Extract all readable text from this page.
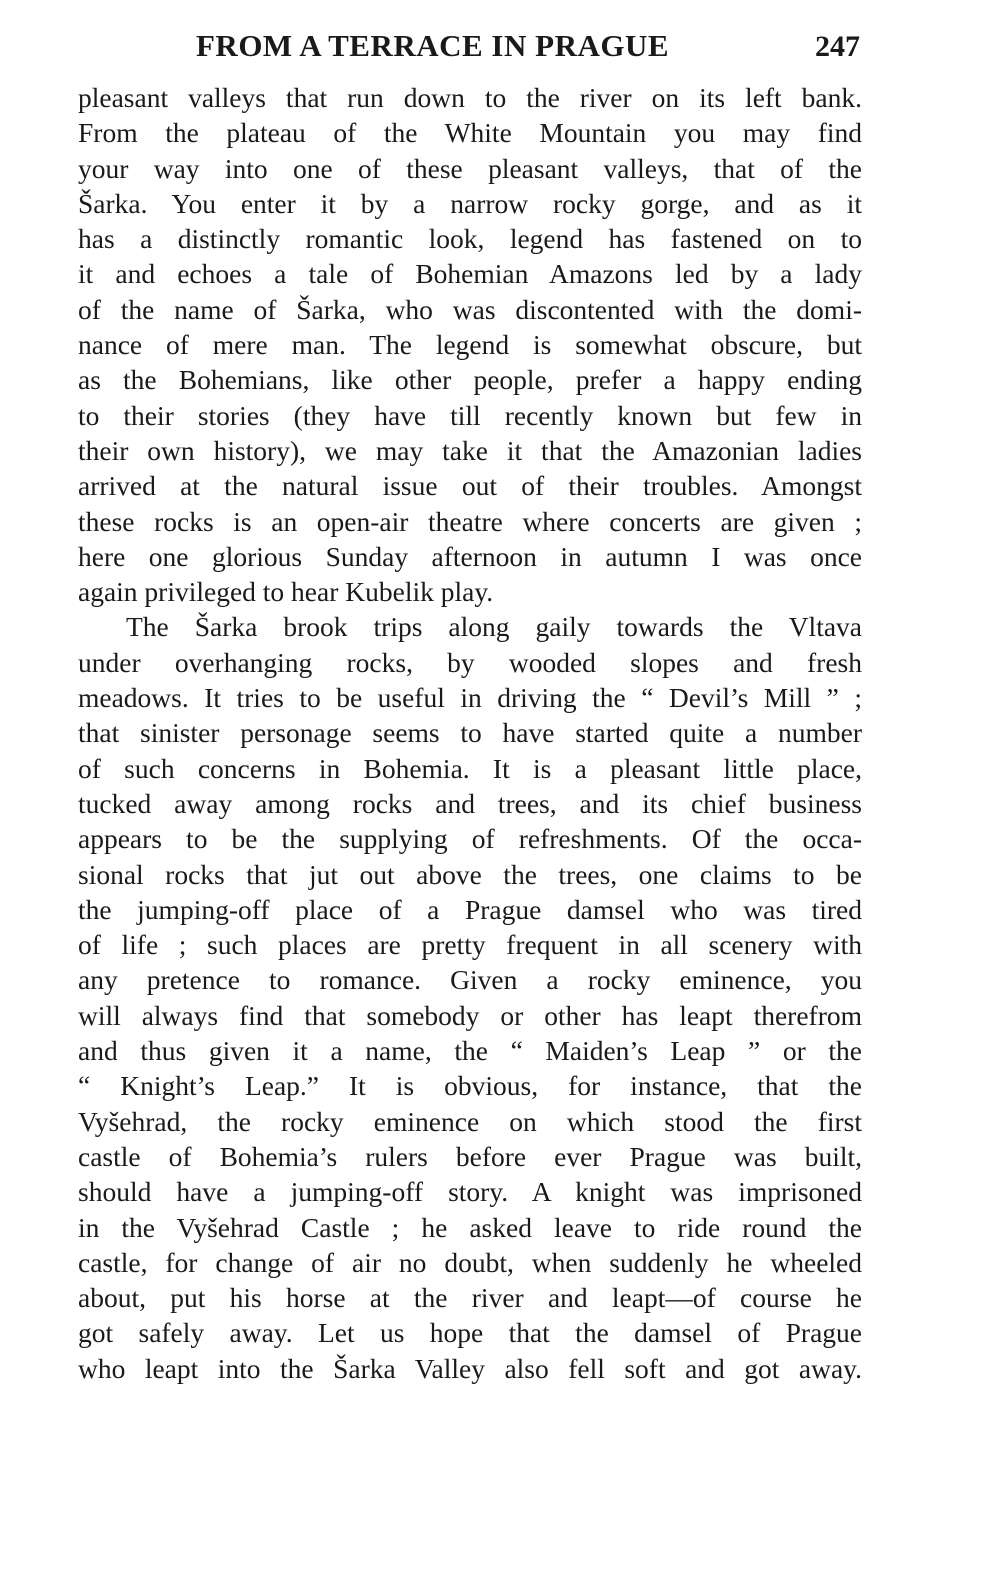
FROM A TERRACE IN PRAGUE	247
pleasant valleys that run down to the river on its left bank.
From the plateau of the White Mountain you may find
your way into one of these pleasant valleys, that of the
Šarka. You enter it by a narrow rocky gorge, and as it
has a distinctly romantic look, legend has fastened on to
it and echoes a tale of Bohemian Amazons led by a lady
of the name of Šarka, who was discontented with the domi-
nance of mere man. The legend is somewhat obscure, but
as the Bohemians, like other people, prefer a happy ending
to their stories (they have till recently known but few in
their own history), we may take it that the Amazonian ladies
arrived at the natural issue out of their troubles. Amongst
these rocks is an open-air theatre where concerts are given ;
here one glorious Sunday afternoon in autumn I was once
again privileged to hear Kubelik play.
The Šarka brook trips along gaily towards the Vltava
under overhanging rocks, by wooded slopes and fresh
meadows. It tries to be useful in driving the “ Devil’s Mill ” ;
that sinister personage seems to have started quite a number
of such concerns in Bohemia. It is a pleasant little place,
tucked away among rocks and trees, and its chief business
appears to be the supplying of refreshments. Of the occa-
sional rocks that jut out above the trees, one claims to be
the jumping-off place of a Prague damsel who was tired
of life ; such places are pretty frequent in all scenery with
any pretence to romance. Given a rocky eminence, you
will always find that somebody or other has leapt therefrom
and thus given it a name, the “ Maiden’s Leap ” or the
“ Knight’s Leap.” It is obvious, for instance, that the
Vyšehrad, the rocky eminence on which stood the first
castle of Bohemia’s rulers before ever Prague was built,
should have a jumping-off story. A knight was imprisoned
in the Vyšehrad Castle ; he asked leave to ride round the
castle, for change of air no doubt, when suddenly he wheeled
about, put his horse at the river and leapt—of course he
got safely away. Let us hope that the damsel of Prague
who leapt into the Šarka Valley also fell soft and got away.
